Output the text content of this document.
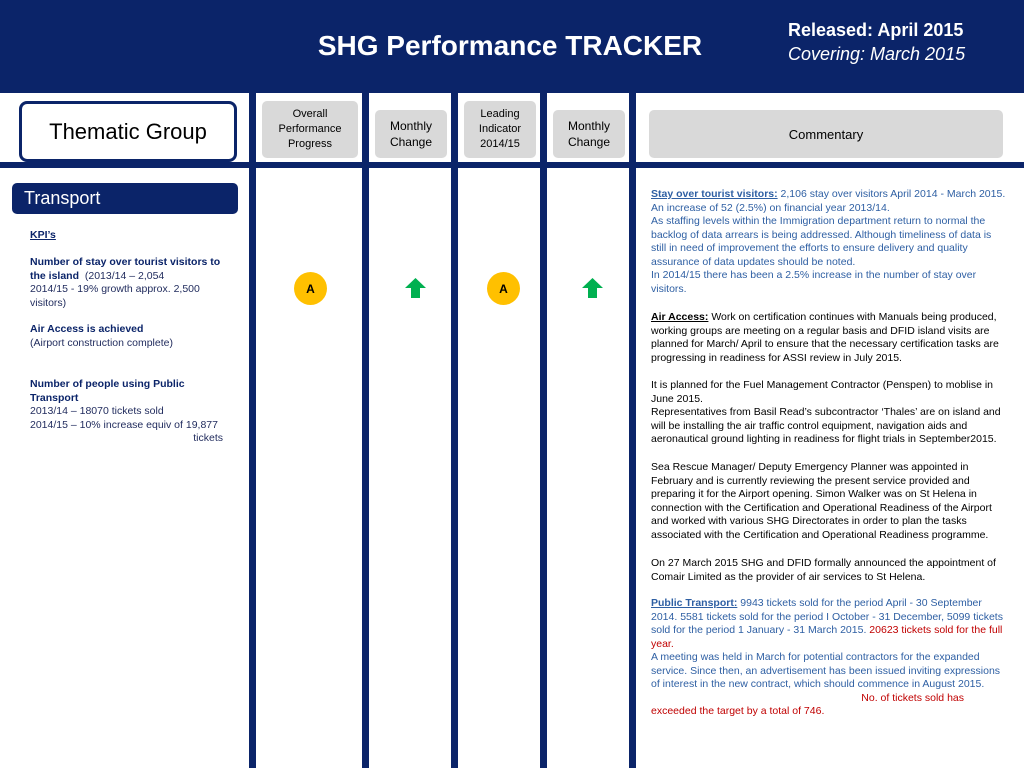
SHG Performance TRACKER	Released: April 2015
Covering: March 2015
Thematic Group
Overall
Performance
Progress
Monthly
Change
Leading
Indicator
2014/15
Monthly
Change
Commentary
Transport
KPI’s
Number of stay over tourist visitors to the island (2013/14 – 2,054
2014/15 - 19% growth approx. 2,500 visitors)
Air Access is achieved
(Airport construction complete)
Number of people using Public Transport
2013/14 – 18070 tickets sold
2014/15 – 10% increase equiv of 19,877

tickets
A	A
Stay over tourist visitors: 2,106 stay over visitors April 2014 - March 2015. An increase of 52 (2.5%) on financial year 2013/14.
As staffing levels within the Immigration department return to normal the backlog of data arrears is being addressed. Although timeliness of data is still in need of improvement the efforts to ensure delivery and quality assurance of data updates should be noted.
In 2014/15 there has been a 2.5% increase in the number of stay over visitors.
Air Access: Work on certification continues with Manuals being produced, working groups are meeting on a regular basis and DFID island visits are planned for March/ April to ensure that the necessary certification tasks are progressing in readiness for ASSI review in July 2015.
It is planned for the Fuel Management Contractor (Penspen) to moblise in June 2015.
Representatives from Basil Read’s subcontractor ‘Thales’ are on island and will be installing the air traffic control equipment, navigation aids and aeronautical ground lighting in readiness for flight trials in September2015.
Sea Rescue Manager/ Deputy Emergency Planner was appointed in February and is currently reviewing the present service provided and preparing it for the Airport opening. Simon Walker was on St Helena in connection with the Certification and Operational Readiness of the Airport and worked with various SHG Directorates in order to plan the tasks associated with the Certification and Operational Readiness programme.
On 27 March 2015 SHG and DFID formally announced the appointment of Comair Limited as the provider of air services to St Helena.
Public Transport: 9943 tickets sold for the period April - 30 September 2014. 5581 tickets sold for the period I October - 31 December, 5099 tickets sold for the period 1 January - 31 March 2015. 20623 tickets sold for the full year.
A meeting was held in March for potential contractors for the expanded service. Since then, an advertisement has been issued inviting expressions of interest in the new contract, which should commence in August 2015.

No. of tickets sold has
exceeded the target by a total of 746.
